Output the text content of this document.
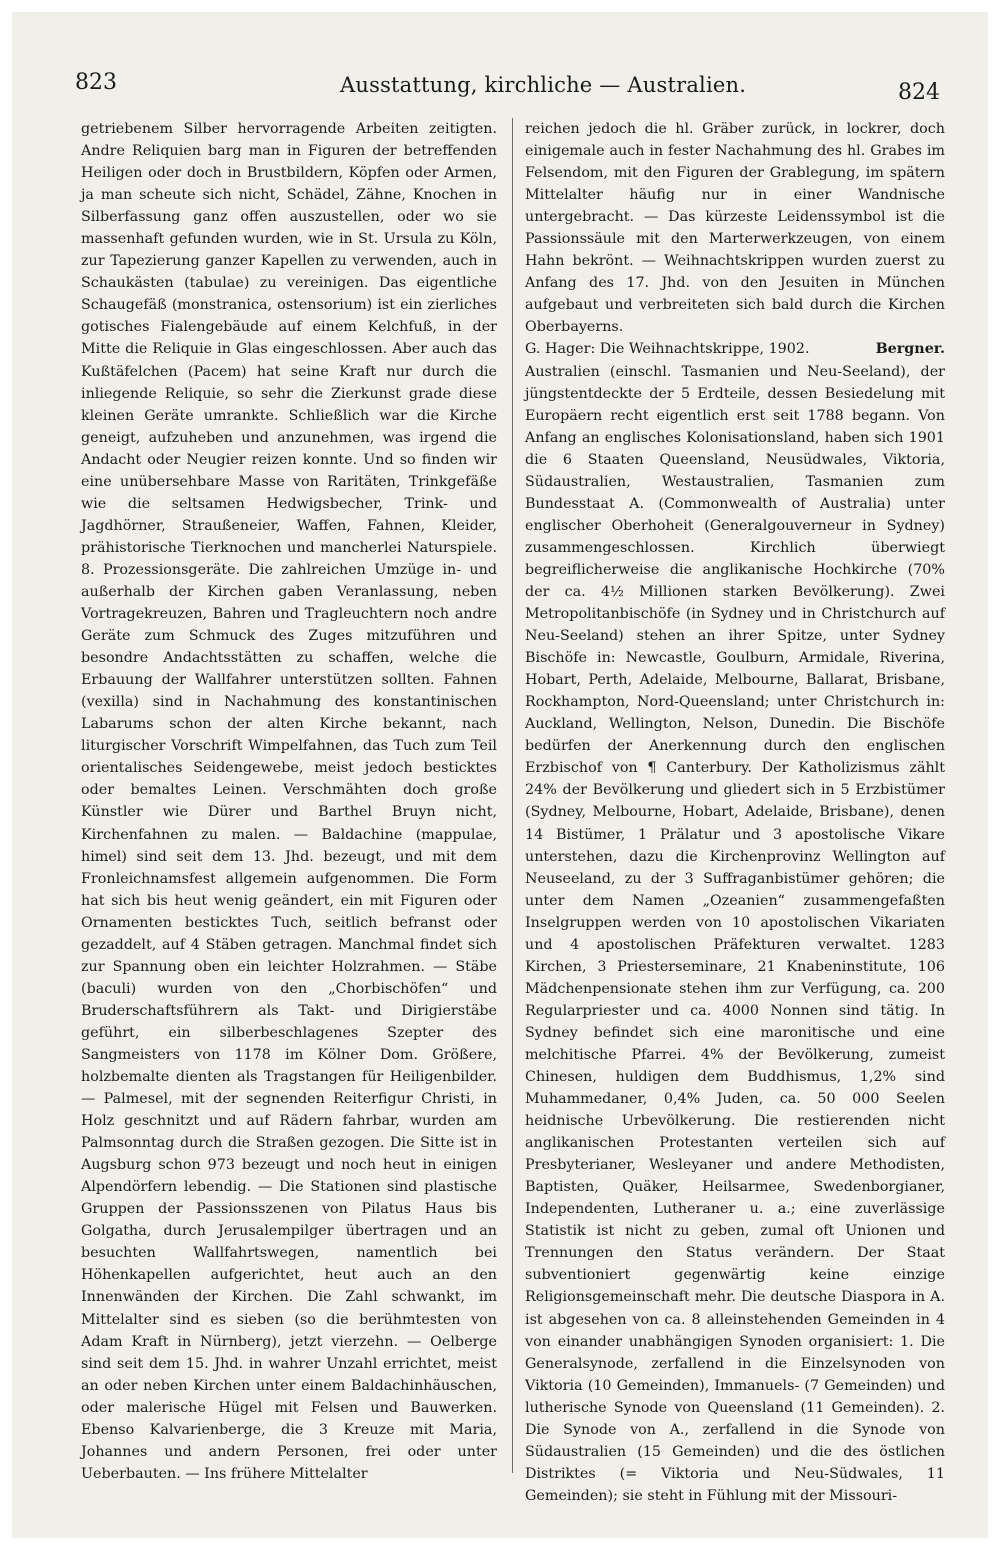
823	Ausstattung, kirchliche — Australien.	824

getriebenem Silber hervorragende Arbeiten zeitigten. Andre Reliquien barg man in Figuren der betreffenden Heiligen oder doch in Brustbildern, Köpfen oder Armen, ja man scheute sich nicht, Schädel, Zähne, Knochen in Silberfassung ganz offen auszustellen, oder wo sie massenhaft gefunden wurden, wie in St. Ursula zu Köln, zur Tapezierung ganzer Kapellen zu verwenden, auch in Schaukästen (tabulae) zu vereinigen. Das eigentliche Schaugefäß (monstranica, ostensorium) ist ein zierliches gotisches Fialengebäude auf einem Kelchfuß, in der Mitte die Reliquie in Glas eingeschlossen. Aber auch das Kußtäfelchen (Pacem) hat seine Kraft nur durch die inliegende Reliquie, so sehr die Zierkunst grade diese kleinen Geräte umrankte. Schließlich war die Kirche geneigt, aufzuheben und anzunehmen, was irgend die Andacht oder Neugier reizen konnte. Und so finden wir eine unübersehbare Masse von Raritäten, Trinkgefäße wie die seltsamen Hedwigsbecher, Trink- und Jagdhörner, Straußeneier, Waffen, Fahnen, Kleider, prähistorische Tierknochen und mancherlei Naturspiele. 8. Prozessionsgeräte. Die zahlreichen Umzüge in- und außerhalb der Kirchen gaben Veranlassung, neben Vortragekreuzen, Bahren und Tragleuchtern noch andre Geräte zum Schmuck des Zuges mitzuführen und besondre Andachtsstätten zu schaffen, welche die Erbauung der Wallfahrer unterstützen sollten. Fahnen (vexilla) sind in Nachahmung des konstantinischen Labarums schon der alten Kirche bekannt, nach liturgischer Vorschrift Wimpelfahnen, das Tuch zum Teil orientalisches Seidengewebe, meist jedoch besticktes oder bemaltes Leinen. Verschmähten doch große Künstler wie Dürer und Barthel Bruyn nicht, Kirchenfahnen zu malen. — Baldachine (mappulae, himel) sind seit dem 13. Jhd. bezeugt, und mit dem Fronleichnamsfest allgemein aufgenommen. Die Form hat sich bis heut wenig geändert, ein mit Figuren oder Ornamenten besticktes Tuch, seitlich befranst oder gezaddelt, auf 4 Stäben getragen. Manchmal findet sich zur Spannung oben ein leichter Holzrahmen. — Stäbe (baculi) wurden von den „Chorbischöfen“ und Bruderschaftsführern als Takt- und Dirigierstäbe geführt, ein silberbeschlagenes Szepter des Sangmeisters von 1178 im Kölner Dom. Größere, holzbemalte dienten als Tragstangen für Heiligenbilder. — Palmesel, mit der segnenden Reiterfigur Christi, in Holz geschnitzt und auf Rädern fahrbar, wurden am Palmsonntag durch die Straßen gezogen. Die Sitte ist in Augsburg schon 973 bezeugt und noch heut in einigen Alpendörfern lebendig. — Die Stationen sind plastische Gruppen der Passionsszenen von Pilatus Haus bis Golgatha, durch Jerusalempilger übertragen und an besuchten Wallfahrtswegen, namentlich bei Höhenkapellen aufgerichtet, heut auch an den Innenwänden der Kirchen. Die Zahl schwankt, im Mittelalter sind es sieben (so die berühmtesten von Adam Kraft in Nürnberg), jetzt vierzehn. — Oelberge sind seit dem 15. Jhd. in wahrer Unzahl errichtet, meist an oder neben Kirchen unter einem Baldachinhäuschen, oder malerische Hügel mit Felsen und Bauwerken. Ebenso Kalvarienberge, die 3 Kreuze mit Maria, Johannes und andern Personen, frei oder unter Ueberbauten. — Ins frühere Mittelalter

reichen jedoch die hl. Gräber zurück, in lockrer, doch einigemale auch in fester Nachahmung des hl. Grabes im Felsendom, mit den Figuren der Grablegung, im spätern Mittelalter häufig nur in einer Wandnische untergebracht. — Das kürzeste Leidenssymbol ist die Passionssäule mit den Marterwerkzeugen, von einem Hahn bekrönt. — Weihnachtskrippen wurden zuerst zu Anfang des 17. Jhd. von den Jesuiten in München aufgebaut und verbreiteten sich bald durch die Kirchen Oberbayerns.

Bergner.
G. Hager: Die Weihnachtskrippe, 1902.

Australien (einschl. Tasmanien und Neu-Seeland), der jüngstentdeckte der 5 Erdteile, dessen Besiedelung mit Europäern recht eigentlich erst seit 1788 begann. Von Anfang an englisches Kolonisationsland, haben sich 1901 die 6 Staaten Queensland, Neusüdwales, Viktoria, Südaustralien, Westaustralien, Tasmanien zum Bundesstaat A. (Commonwealth of Australia) unter englischer Oberhoheit (Generalgouverneur in Sydney) zusammengeschlossen. Kirchlich überwiegt begreiflicherweise die anglikanische Hochkirche (70% der ca. 4½ Millionen starken Bevölkerung). Zwei Metropolitanbischöfe (in Sydney und in Christchurch auf Neu-Seeland) stehen an ihrer Spitze, unter Sydney Bischöfe in: Newcastle, Goulburn, Armidale, Riverina, Hobart, Perth, Adelaide, Melbourne, Ballarat, Brisbane, Rockhampton, Nord-Queensland; unter Christchurch in: Auckland, Wellington, Nelson, Dunedin. Die Bischöfe bedürfen der Anerkennung durch den englischen Erzbischof von ¶ Canterbury. Der Katholizismus zählt 24% der Bevölkerung und gliedert sich in 5 Erzbistümer (Sydney, Melbourne, Hobart, Adelaide, Brisbane), denen 14 Bistümer, 1 Prälatur und 3 apostolische Vikare unterstehen, dazu die Kirchenprovinz Wellington auf Neuseeland, zu der 3 Suffraganbistümer gehören; die unter dem Namen „Ozeanien“ zusammengefaßten Inselgruppen werden von 10 apostolischen Vikariaten und 4 apostolischen Präfekturen verwaltet. 1283 Kirchen, 3 Priesterseminare, 21 Knabeninstitute, 106 Mädchenpensionate stehen ihm zur Verfügung, ca. 200 Regularpriester und ca. 4000 Nonnen sind tätig. In Sydney befindet sich eine maronitische und eine melchitische Pfarrei. 4% der Bevölkerung, zumeist Chinesen, huldigen dem Buddhismus, 1,2% sind Muhammedaner, 0,4% Juden, ca. 50 000 Seelen heidnische Urbevölkerung. Die restierenden nicht anglikanischen Protestanten verteilen sich auf Presbyterianer, Wesleyaner und andere Methodisten, Baptisten, Quäker, Heilsarmee, Swedenborgianer, Independenten, Lutheraner u. a.; eine zuverlässige Statistik ist nicht zu geben, zumal oft Unionen und Trennungen den Status verändern. Der Staat subventioniert gegenwärtig keine einzige Religionsgemeinschaft mehr. Die deutsche Diaspora in A. ist abgesehen von ca. 8 alleinstehenden Gemeinden in 4 von einander unabhängigen Synoden organisiert: 1. Die Generalsynode, zerfallend in die Einzelsynoden von Viktoria (10 Gemeinden), Immanuels- (7 Gemeinden) und lutherische Synode von Queensland (11 Gemeinden). 2. Die Synode von A., zerfallend in die Synode von Südaustralien (15 Gemeinden) und die des östlichen Distriktes (= Viktoria und Neu-Südwales, 11 Gemeinden); sie steht in Fühlung mit der Missouri-
